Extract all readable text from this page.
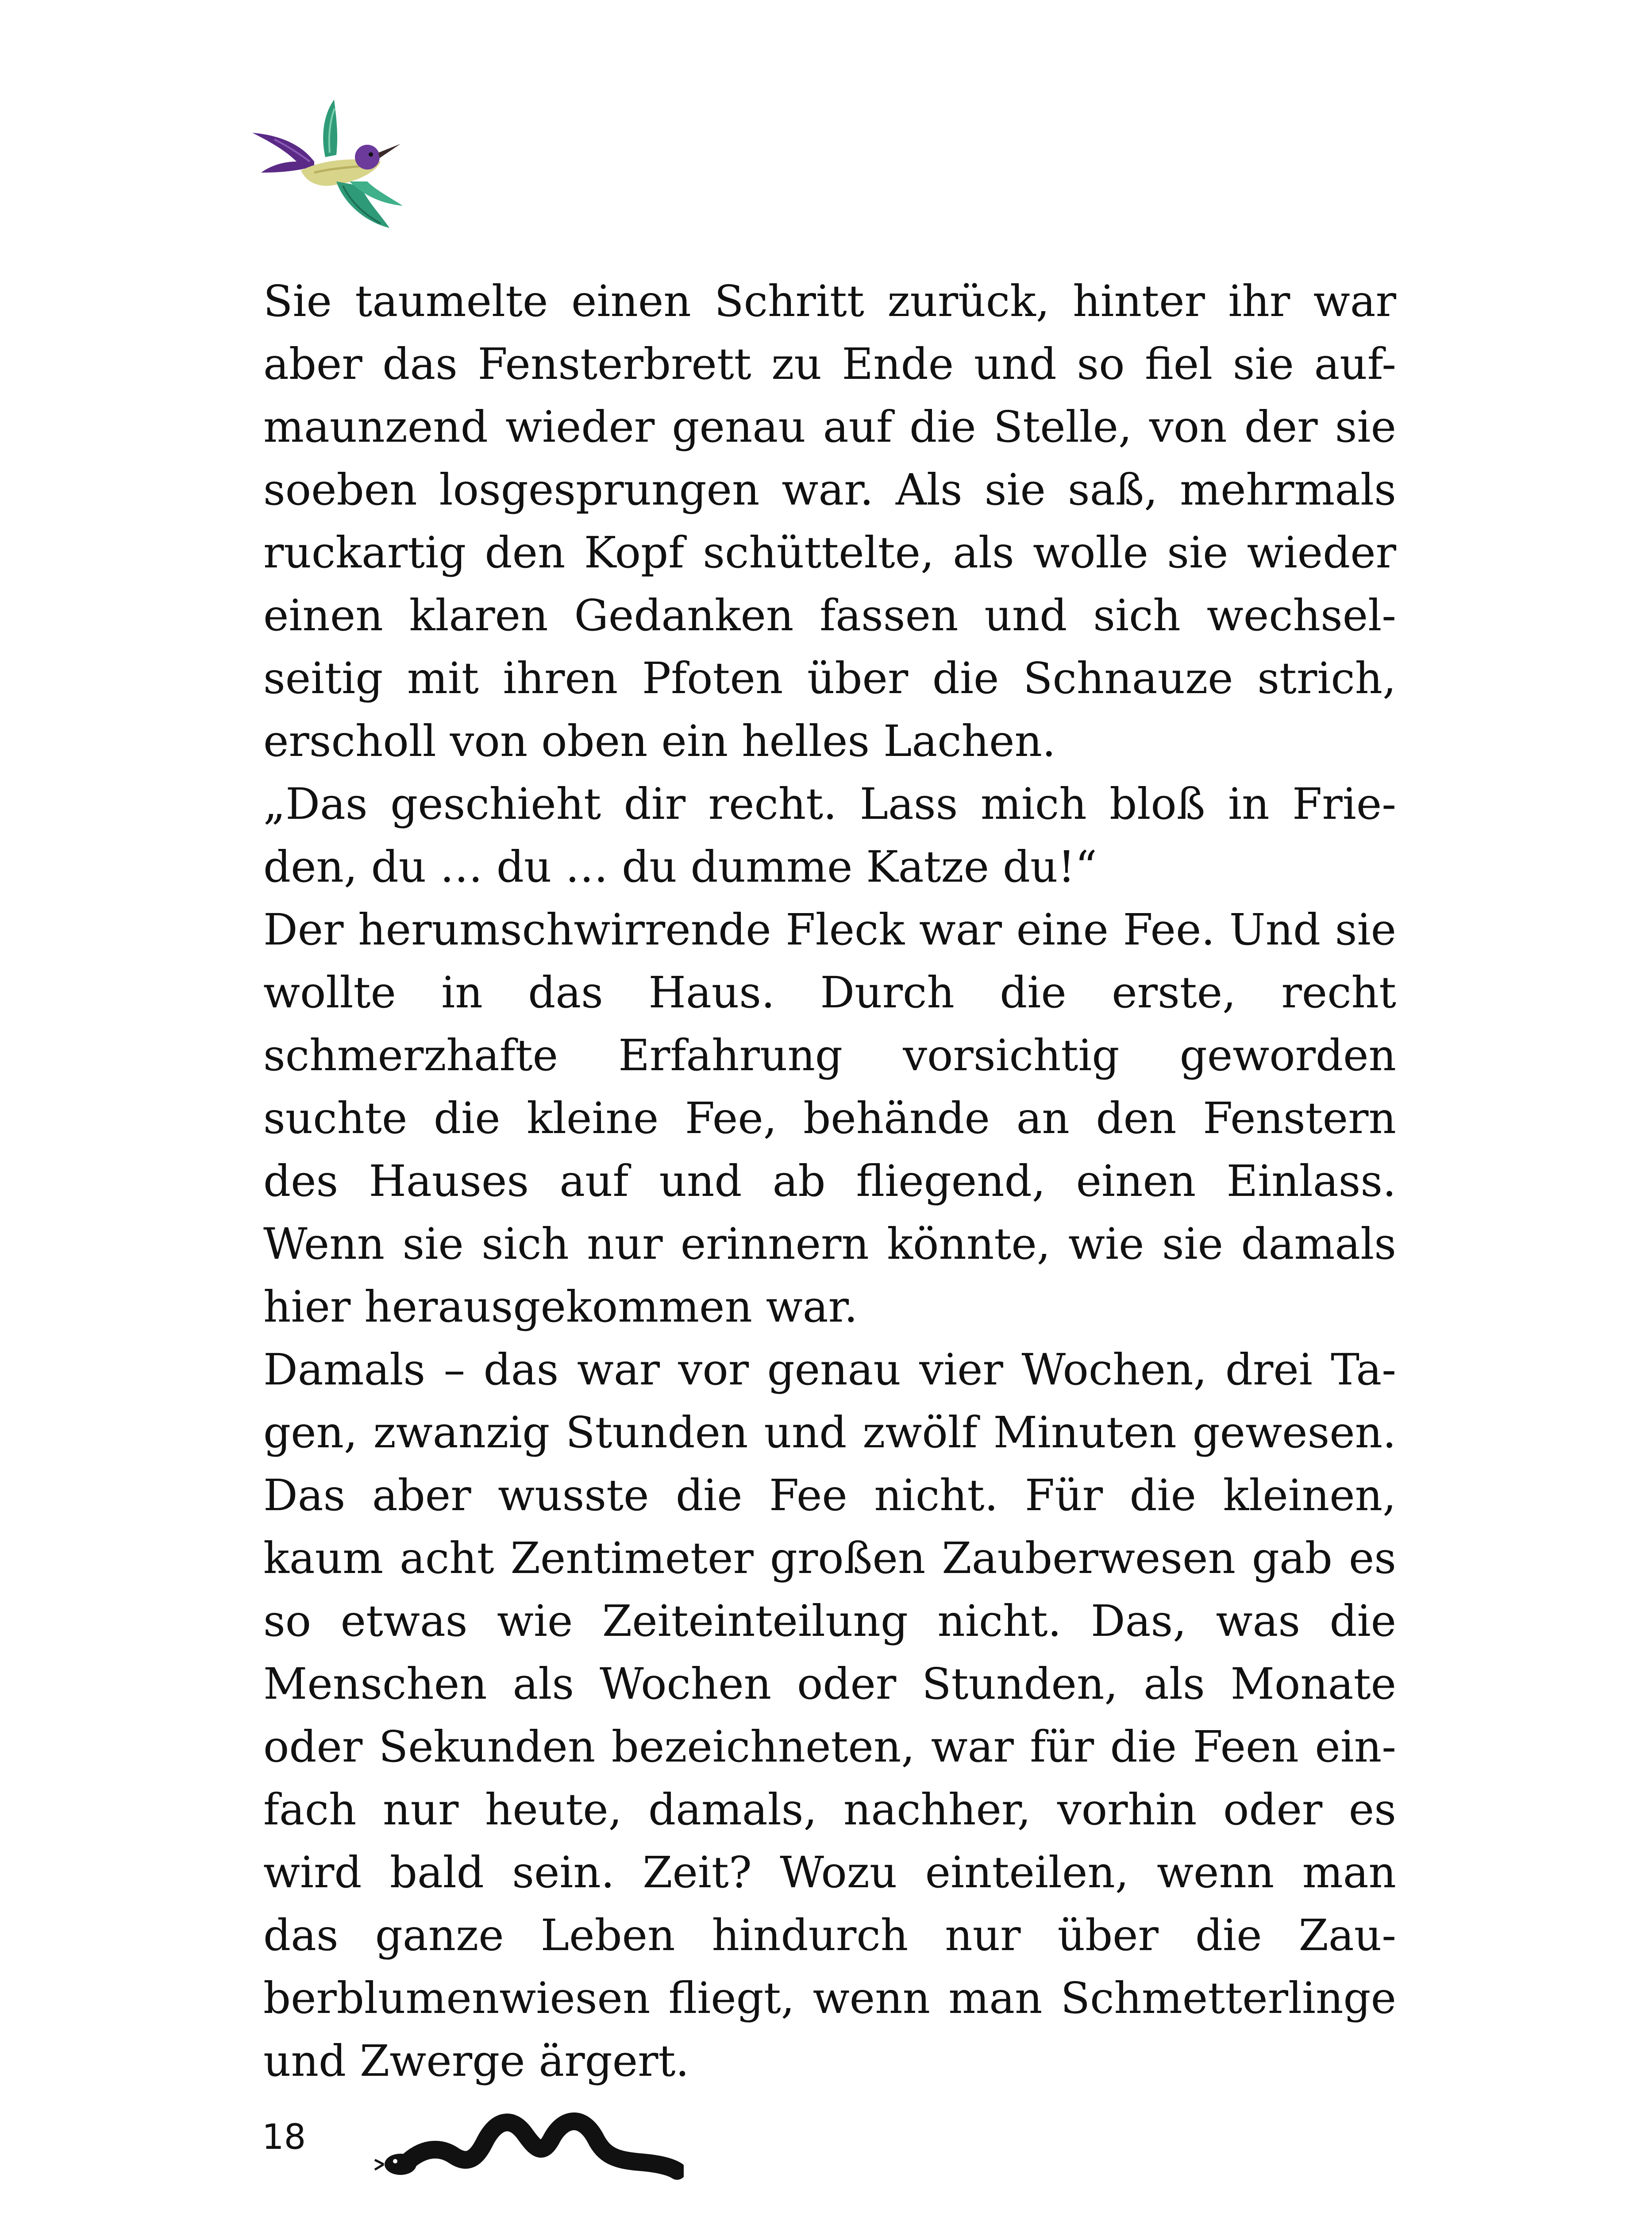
Sie taumelte einen Schritt zurück, hinter ihr war
aber das Fensterbrett zu Ende und so fiel sie auf-
maunzend wieder genau auf die Stelle, von der sie
soeben losgesprungen war. Als sie saß, mehrmals
ruckartig den Kopf schüttelte, als wolle sie wieder
einen klaren Gedanken fassen und sich wechsel-
seitig mit ihren Pfoten über die Schnauze strich,
erscholl von oben ein helles Lachen.
„Das geschieht dir recht. Lass mich bloß in Frie-
den, du … du … du dumme Katze du!“
Der herumschwirrende Fleck war eine Fee. Und sie
wollte in das Haus. Durch die erste, recht
schmerzhafte Erfahrung vorsichtig geworden
suchte die kleine Fee, behände an den Fenstern
des Hauses auf und ab fliegend, einen Einlass.
Wenn sie sich nur erinnern könnte, wie sie damals
hier herausgekommen war.
Damals – das war vor genau vier Wochen, drei Ta-
gen, zwanzig Stunden und zwölf Minuten gewesen.
Das aber wusste die Fee nicht. Für die kleinen,
kaum acht Zentimeter großen Zauberwesen gab es
so etwas wie Zeiteinteilung nicht. Das, was die
Menschen als Wochen oder Stunden, als Monate
oder Sekunden bezeichneten, war für die Feen ein-
fach nur heute, damals, nachher, vorhin oder es
wird bald sein. Zeit? Wozu einteilen, wenn man
das ganze Leben hindurch nur über die Zau-
berblumenwiesen fliegt, wenn man Schmetterlinge
und Zwerge ärgert.
18
